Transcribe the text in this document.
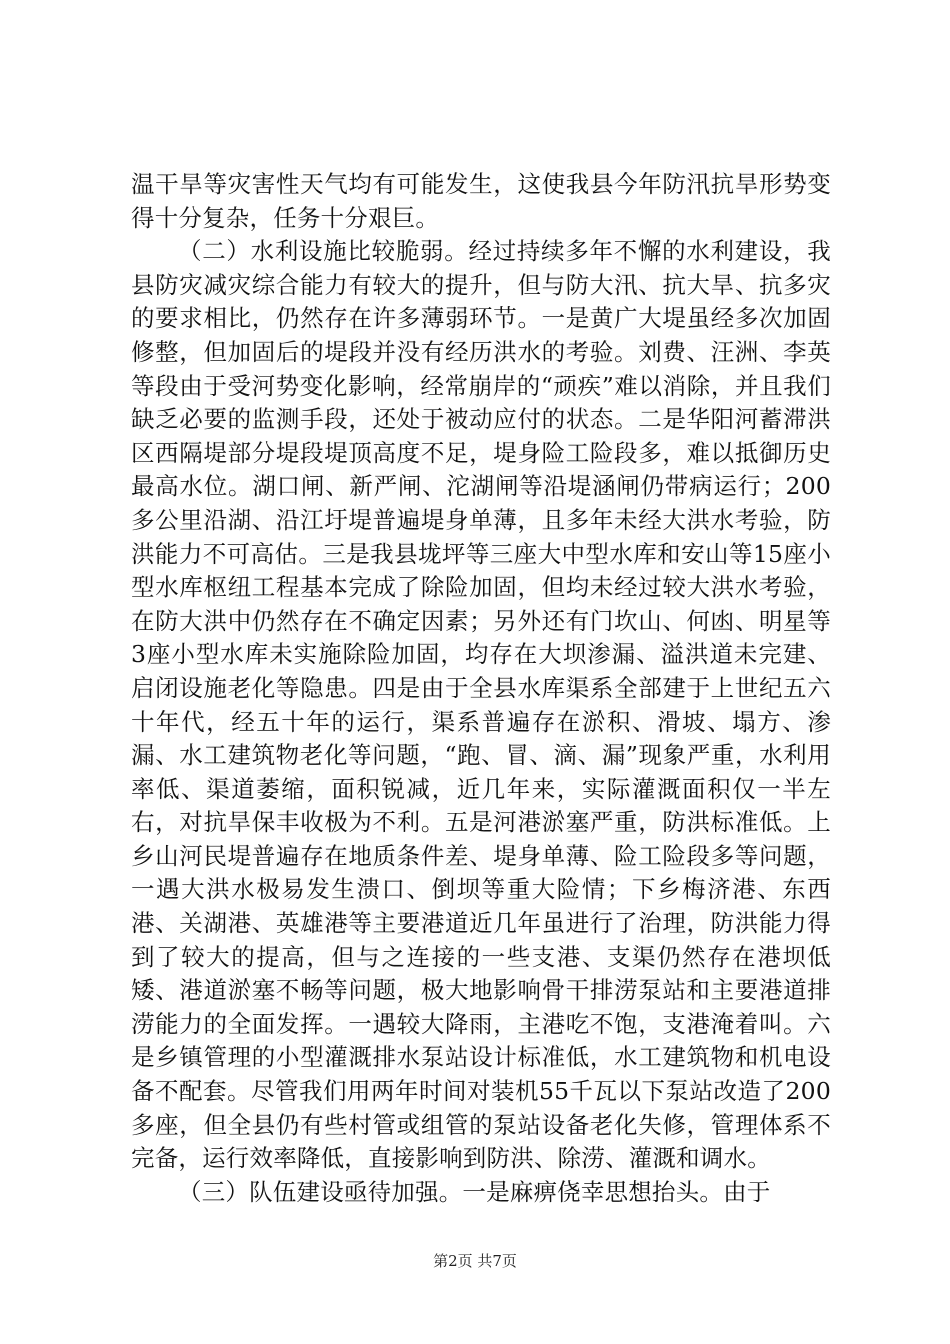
温干旱等灾害性天气均有可能发生，这使我县今年防汛抗旱形势变得十分复杂，任务十分艰巨。

（二）水利设施比较脆弱。经过持续多年不懈的水利建设，我县防灾减灾综合能力有较大的提升，但与防大汛、抗大旱、抗多灾的要求相比，仍然存在许多薄弱环节。一是黄广大堤虽经多次加固修整，但加固后的堤段并没有经历洪水的考验。刘费、汪洲、李英等段由于受河势变化影响，经常崩岸的“顽疾”难以消除，并且我们缺乏必要的监测手段，还处于被动应付的状态。二是华阳河蓄滞洪区西隔堤部分堤段堤顶高度不足，堤身险工险段多，难以抵御历史最高水位。湖口闸、新严闸、沱湖闸等沿堤涵闸仍带病运行；200多公里沿湖、沿江圩堤普遍堤身单薄，且多年未经大洪水考验，防洪能力不可高估。三是我县垅坪等三座大中型水库和安山等15座小型水库枢纽工程基本完成了除险加固，但均未经过较大洪水考验，在防大洪中仍然存在不确定因素；另外还有门坎山、何凼、明星等3座小型水库未实施除险加固，均存在大坝渗漏、溢洪道未完建、启闭设施老化等隐患。四是由于全县水库渠系全部建于上世纪五六十年代，经五十年的运行，渠系普遍存在淤积、滑坡、塌方、渗漏、水工建筑物老化等问题，“跑、冒、滴、漏”现象严重，水利用率低、渠道萎缩，面积锐减，近几年来，实际灌溉面积仅一半左右，对抗旱保丰收极为不利。五是河港淤塞严重，防洪标准低。上乡山河民堤普遍存在地质条件差、堤身单薄、险工险段多等问题，一遇大洪水极易发生溃口、倒坝等重大险情；下乡梅济港、东西港、关湖港、英雄港等主要港道近几年虽进行了治理，防洪能力得到了较大的提高，但与之连接的一些支港、支渠仍然存在港坝低矮、港道淤塞不畅等问题，极大地影响骨干排涝泵站和主要港道排涝能力的全面发挥。一遇较大降雨，主港吃不饱，支港淹着叫。六是乡镇管理的小型灌溉排水泵站设计标准低，水工建筑物和机电设备不配套。尽管我们用两年时间对装机55千瓦以下泵站改造了200多座，但全县仍有些村管或组管的泵站设备老化失修，管理体系不完备，运行效率降低，直接影响到防洪、除涝、灌溉和调水。

（三）队伍建设亟待加强。一是麻痹侥幸思想抬头。由于

第2页 共7页
